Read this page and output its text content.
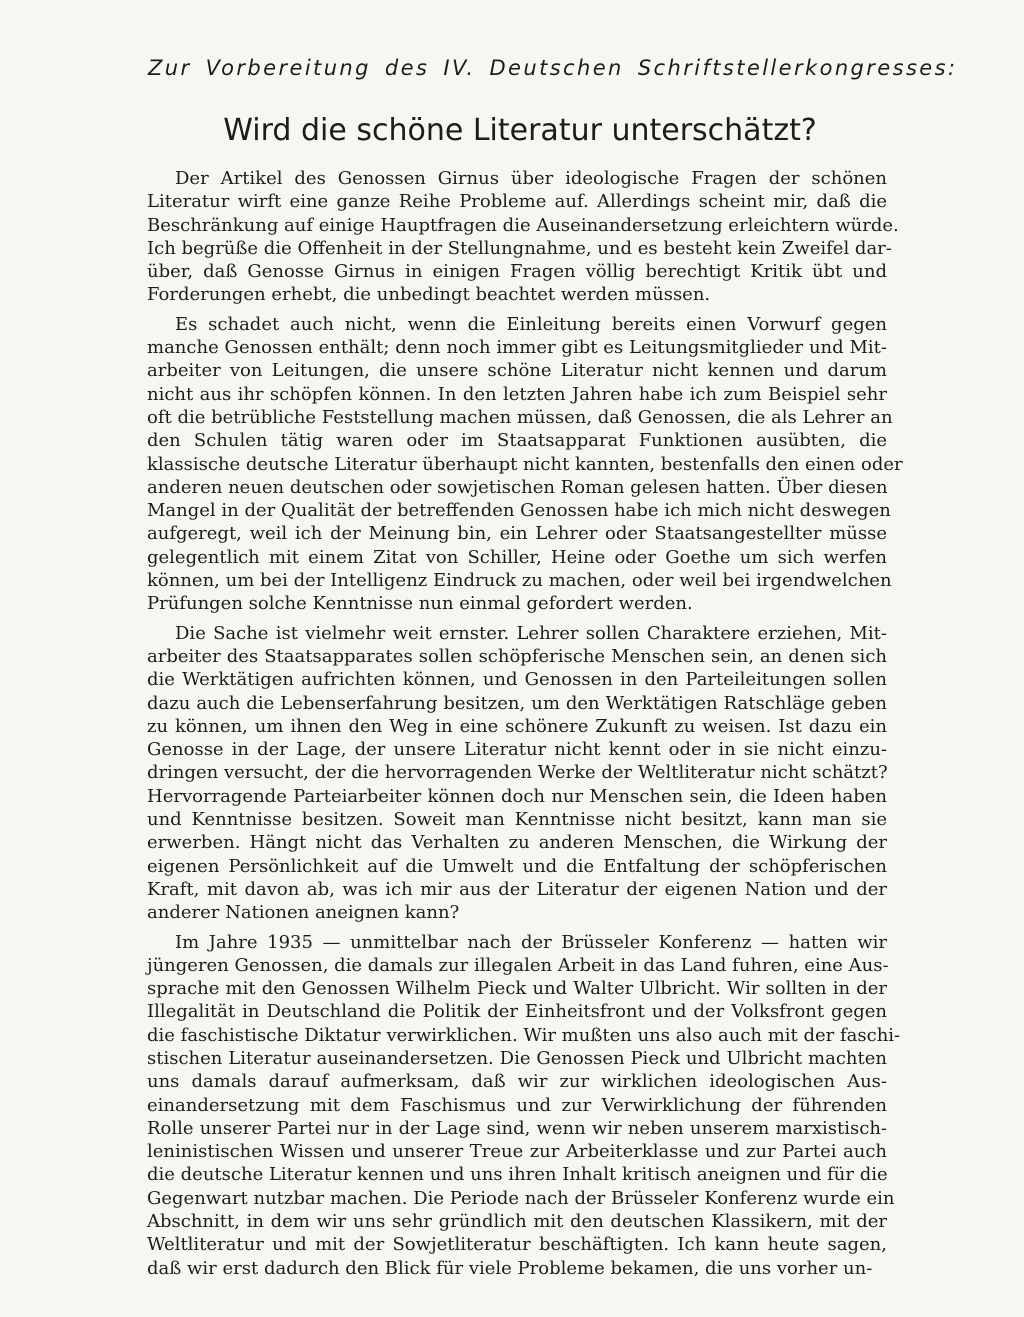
Zur Vorbereitung des IV. Deutschen Schriftstellerkongresses:
Wird die schöne Literatur unterschätzt?
Der Artikel des Genossen Girnus über ideologische Fragen der schönen
Literatur wirft eine ganze Reihe Probleme auf. Allerdings scheint mir, daß die
Beschränkung auf einige Hauptfragen die Auseinandersetzung erleichtern würde.
Ich begrüße die Offenheit in der Stellungnahme, und es besteht kein Zweifel dar-
über, daß Genosse Girnus in einigen Fragen völlig berechtigt Kritik übt und
Forderungen erhebt, die unbedingt beachtet werden müssen.
Es schadet auch nicht, wenn die Einleitung bereits einen Vorwurf gegen
manche Genossen enthält; denn noch immer gibt es Leitungsmitglieder und Mit-
arbeiter von Leitungen, die unsere schöne Literatur nicht kennen und darum
nicht aus ihr schöpfen können. In den letzten Jahren habe ich zum Beispiel sehr
oft die betrübliche Feststellung machen müssen, daß Genossen, die als Lehrer an
den Schulen tätig waren oder im Staatsapparat Funktionen ausübten, die
klassische deutsche Literatur überhaupt nicht kannten, bestenfalls den einen oder
anderen neuen deutschen oder sowjetischen Roman gelesen hatten. Über diesen
Mangel in der Qualität der betreffenden Genossen habe ich mich nicht deswegen
aufgeregt, weil ich der Meinung bin, ein Lehrer oder Staatsangestellter müsse
gelegentlich mit einem Zitat von Schiller, Heine oder Goethe um sich werfen
können, um bei der Intelligenz Eindruck zu machen, oder weil bei irgendwelchen
Prüfungen solche Kenntnisse nun einmal gefordert werden.
Die Sache ist vielmehr weit ernster. Lehrer sollen Charaktere erziehen, Mit-
arbeiter des Staatsapparates sollen schöpferische Menschen sein, an denen sich
die Werktätigen aufrichten können, und Genossen in den Parteileitungen sollen
dazu auch die Lebenserfahrung besitzen, um den Werktätigen Ratschläge geben
zu können, um ihnen den Weg in eine schönere Zukunft zu weisen. Ist dazu ein
Genosse in der Lage, der unsere Literatur nicht kennt oder in sie nicht einzu-
dringen versucht, der die hervorragenden Werke der Weltliteratur nicht schätzt?
Hervorragende Parteiarbeiter können doch nur Menschen sein, die Ideen haben
und Kenntnisse besitzen. Soweit man Kenntnisse nicht besitzt, kann man sie
erwerben. Hängt nicht das Verhalten zu anderen Menschen, die Wirkung der
eigenen Persönlichkeit auf die Umwelt und die Entfaltung der schöpferischen
Kraft, mit davon ab, was ich mir aus der Literatur der eigenen Nation und der
anderer Nationen aneignen kann?
Im Jahre 1935 — unmittelbar nach der Brüsseler Konferenz — hatten wir
jüngeren Genossen, die damals zur illegalen Arbeit in das Land fuhren, eine Aus-
sprache mit den Genossen Wilhelm Pieck und Walter Ulbricht. Wir sollten in der
Illegalität in Deutschland die Politik der Einheitsfront und der Volksfront gegen
die faschistische Diktatur verwirklichen. Wir mußten uns also auch mit der faschi-
stischen Literatur auseinandersetzen. Die Genossen Pieck und Ulbricht machten
uns damals darauf aufmerksam, daß wir zur wirklichen ideologischen Aus-
einandersetzung mit dem Faschismus und zur Verwirklichung der führenden
Rolle unserer Partei nur in der Lage sind, wenn wir neben unserem marxistisch-
leninistischen Wissen und unserer Treue zur Arbeiterklasse und zur Partei auch
die deutsche Literatur kennen und uns ihren Inhalt kritisch aneignen und für die
Gegenwart nutzbar machen. Die Periode nach der Brüsseler Konferenz wurde ein
Abschnitt, in dem wir uns sehr gründlich mit den deutschen Klassikern, mit der
Weltliteratur und mit der Sowjetliteratur beschäftigten. Ich kann heute sagen,
daß wir erst dadurch den Blick für viele Probleme bekamen, die uns vorher un-
